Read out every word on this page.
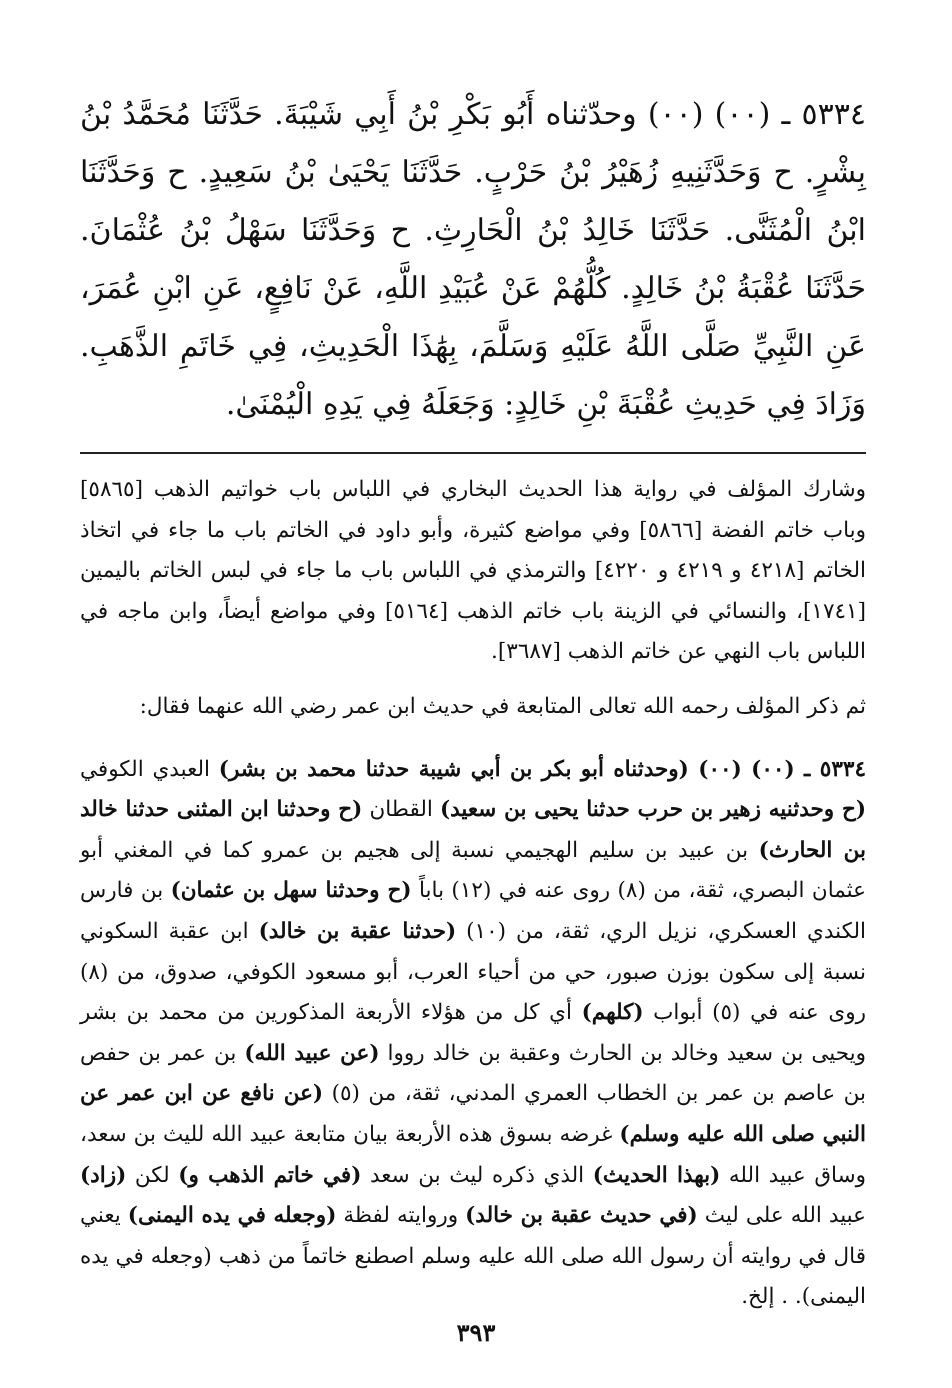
٥٣٣٤ ـ (٠٠) (٠٠) وحدّثناه أَبُو بَكْرِ بْنُ أَبِي شَيْبَةَ. حَدَّثَنَا مُحَمَّدُ بْنُ بِشْرٍ. ح وَحَدَّثَنِيهِ زُهَيْرُ بْنُ حَرْبٍ. حَدَّثَنَا يَحْيَىٰ بْنُ سَعِيدٍ. ح وَحَدَّثَنَا ابْنُ الْمُثَنَّى. حَدَّثَنَا خَالِدُ بْنُ الْحَارِثِ. ح وَحَدَّثَنَا سَهْلُ بْنُ عُثْمَانَ. حَدَّثَنَا عُقْبَةُ بْنُ خَالِدٍ. كُلُّهُمْ عَنْ عُبَيْدِ اللَّهِ، عَنْ نَافِعٍ، عَنِ ابْنِ عُمَرَ، عَنِ النَّبِيِّ صَلَّى اللَّهُ عَلَيْهِ وَسَلَّمَ، بِهَٰذَا الْحَدِيثِ، فِي خَاتَمِ الذَّهَبِ. وَزَادَ فِي حَدِيثِ عُقْبَةَ بْنِ خَالِدٍ: وَجَعَلَهُ فِي يَدِهِ الْيُمْنَىٰ.

وشارك المؤلف في رواية هذا الحديث البخاري في اللباس باب خواتيم الذهب [٥٨٦٥] وباب خاتم الفضة [٥٨٦٦] وفي مواضع كثيرة، وأبو داود في الخاتم باب ما جاء في اتخاذ الخاتم [٤٢١٨ و ٤٢١٩ و ٤٢٢٠] والترمذي في اللباس باب ما جاء في لبس الخاتم باليمين [١٧٤١]، والنسائي في الزينة باب خاتم الذهب [٥١٦٤] وفي مواضع أيضاً، وابن ماجه في اللباس باب النهي عن خاتم الذهب [٣٦٨٧].

ثم ذكر المؤلف رحمه الله تعالى المتابعة في حديث ابن عمر رضي الله عنهما فقال:

٥٣٣٤ ـ (٠٠) (٠٠) (وحدثناه أبو بكر بن أبي شيبة حدثنا محمد بن بشر) العبدي الكوفي (ح وحدثنيه زهير بن حرب حدثنا يحيى بن سعيد) القطان (ح وحدثنا ابن المثنى حدثنا خالد بن الحارث) بن عبيد بن سليم الهجيمي نسبة إلى هجيم بن عمرو كما في المغني أبو عثمان البصري، ثقة، من (٨) روى عنه في (١٢) باباً (ح وحدثنا سهل بن عثمان) بن فارس الكندي العسكري، نزيل الري، ثقة، من (١٠) (حدثنا عقبة بن خالد) ابن عقبة السكوني نسبة إلى سكون بوزن صبور، حي من أحياء العرب، أبو مسعود الكوفي، صدوق، من (٨) روى عنه في (٥) أبواب (كلهم) أي كل من هؤلاء الأربعة المذكورين من محمد بن بشر ويحيى بن سعيد وخالد بن الحارث وعقبة بن خالد رووا (عن عبيد الله) بن عمر بن حفص بن عاصم بن عمر بن الخطاب العمري المدني، ثقة، من (٥) (عن نافع عن ابن عمر عن النبي صلى الله عليه وسلم) غرضه بسوق هذه الأربعة بيان متابعة عبيد الله لليث بن سعد، وساق عبيد الله (بهذا الحديث) الذي ذكره ليث بن سعد (في خاتم الذهب و) لكن (زاد) عبيد الله على ليث (في حديث عقبة بن خالد) وروايته لفظة (وجعله في يده اليمنى) يعني قال في روايته أن رسول الله صلى الله عليه وسلم اصطنع خاتماً من ذهب (وجعله في يده اليمنى). . إلخ.

٣٩٣
